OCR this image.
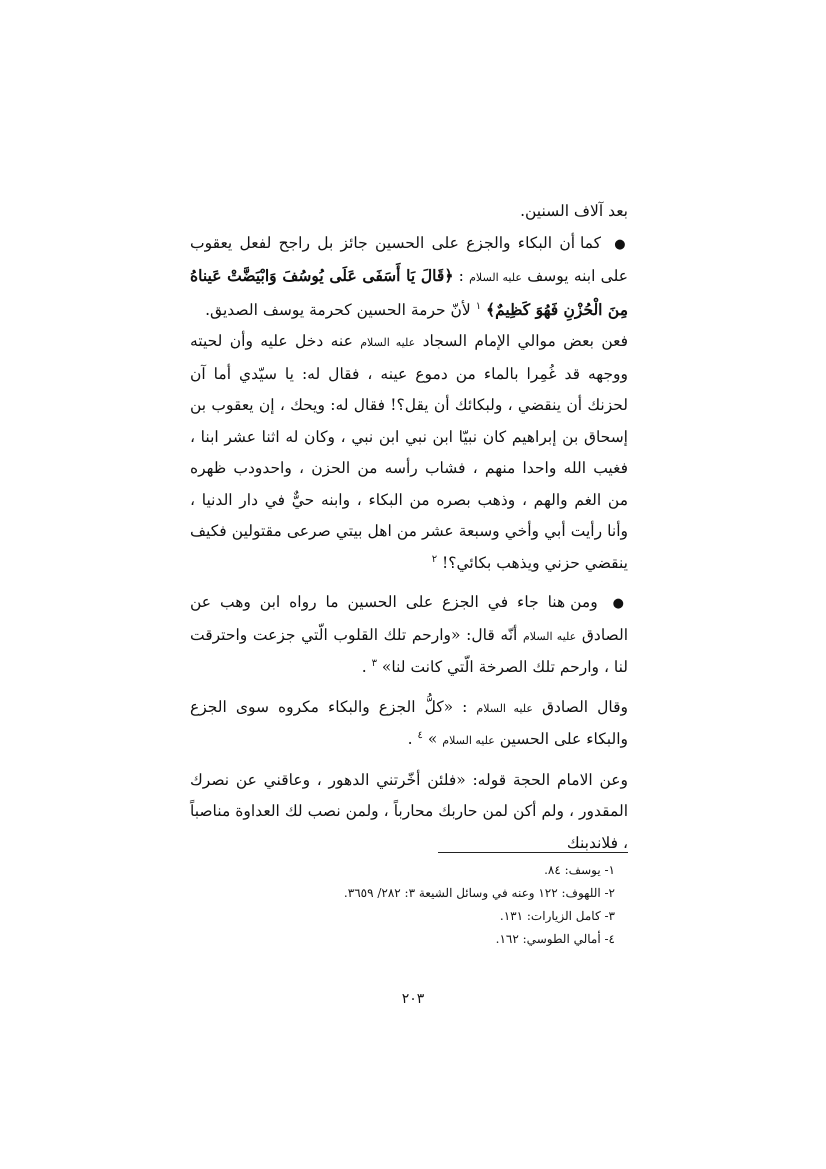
بعد آلاف السنين.

● كما أن البكاء والجزع على الحسين جائز بل راجح لفعل يعقوب على ابنه يوسف عليه السلام : ﴿قَالَ يَا أَسَفَى عَلَى يُوسُفَ وَابْيَضَّتْ عَيناهُ مِنَ الْحُزْنِ فَهُوَ كَظِيمٌ﴾ $^١$ لأنّ حرمة الحسين كحرمة يوسف الصديق.

فعن بعض موالي الإمام السجاد عليه السلام عنه دخل عليه وأن لحيته ووجهه قد غُمِرا بالماء من دموع عينه ، فقال له: يا سيّدي أما آن لحزنك أن ينقضي ، ولبكائك أن يقل؟! فقال له: ويحك ، إن يعقوب بن إسحاق بن إبراهيم كان نبيّا ابن نبي ابن نبي ، وكان له اثنا عشر ابنا ، فغيب الله واحدا منهم ، فشاب رأسه من الحزن ، واحدودب ظهره من الغم والهم ، وذهب بصره من البكاء ، وابنه حيٌّ في دار الدنيا ، وأنا رأيت أبي وأخي وسبعة عشر من اهل بيتي صرعى مقتولين فكيف ينقضي حزني ويذهب بكائي؟! $^٢$

● ومن هنا جاء في الجزع على الحسين ما رواه ابن وهب عن الصادق عليه السلام أنّه قال: «وارحم تلك القلوب الّتي جزعت واحترقت لنا ، وارحم تلك الصرخة الّتي كانت لنا» $^٣$ .

وقال الصادق عليه السلام : «كلُّ الجزع والبكاء مكروه سوى الجزع والبكاء على الحسين عليه السلام » $^٤$ .

وعن الامام الحجة قوله: «فلئن أخّرتني الدهور ، وعاقني عن نصرك المقدور ، ولم أكن لمن حاربك محارباً ، ولمن نصب لك العداوة مناصباً ، فلاندبنك

١- يوسف: ٨٤.
٢- اللهوف: ١٢٢ وعنه في وسائل الشيعة ٣: ٢٨٢/ ٣٦٥٩.
٣- كامل الزيارات: ١٣١.
٤- أمالي الطوسي: ١٦٢.
٢٠٣
